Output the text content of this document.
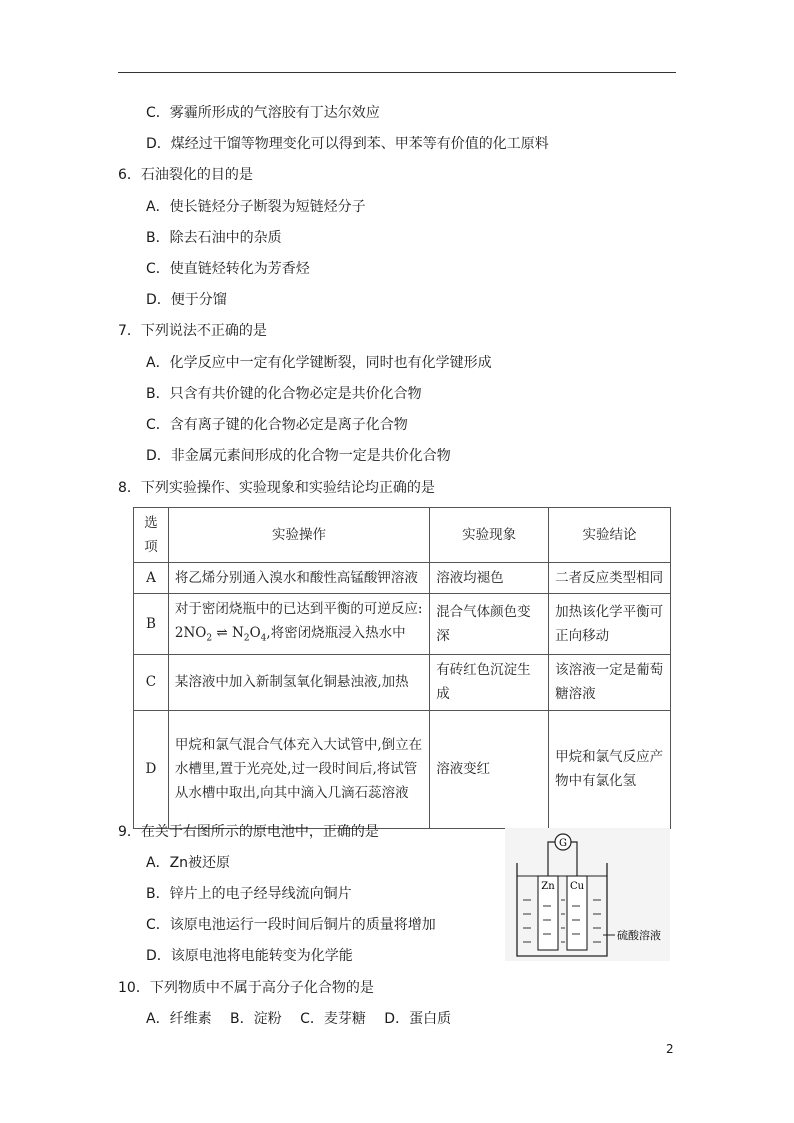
C．雾霾所形成的气溶胶有丁达尔效应
D．煤经过干馏等物理变化可以得到苯、甲苯等有价值的化工原料
6．石油裂化的目的是
A．使长链烃分子断裂为短链烃分子
B．除去石油中的杂质
C．使直链烃转化为芳香烃
D．便于分馏
7．下列说法不正确的是
A．化学反应中一定有化学键断裂，同时也有化学键形成
B．只含有共价键的化合物必定是共价化合物
C．含有离子键的化合物必定是离子化合物
D．非金属元素间形成的化合物一定是共价化合物
8．下列实验操作、实验现象和实验结论均正确的是
选项	实验操作	实验现象	实验结论
A	将乙烯分别通入溴水和酸性高锰酸钾溶液	溶液均褪色	二者反应类型相同
B	对于密闭烧瓶中的已达到平衡的可逆反应:
$2NO_2$ ⇌ $N_2O_4$,将密闭烧瓶浸入热水中	混合气体颜色变深	加热该化学平衡可正向移动
C	某溶液中加入新制氢氧化铜悬浊液,加热	有砖红色沉淀生成	该溶液一定是葡萄糖溶液
D	甲烷和氯气混合气体充入大试管中,倒立在水槽里,置于光亮处,过一段时间后,将试管从水槽中取出,向其中滴入几滴石蕊溶液	溶液变红	甲烷和氯气反应产物中有氯化氢
9．在关于右图所示的原电池中，正确的是
A．Zn被还原
B．锌片上的电子经导线流向铜片
C．该原电池运行一段时间后铜片的质量将增加
D．该原电池将电能转变为化学能
G
Zn Cu
硫酸溶液
10．下列物质中不属于高分子化合物的是
A．纤维素　 B．淀粉　 C．麦芽糖　 D．蛋白质
2
